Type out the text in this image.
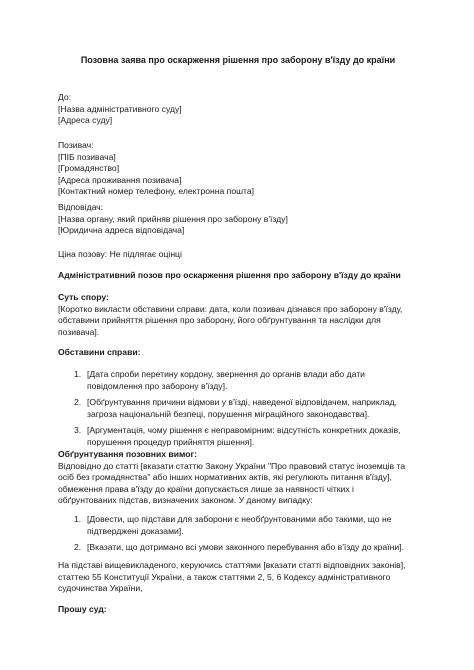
Позовна заява про оскарження рішення про заборону в'їзду до країни
До:
[Назва адміністративного суду]
[Адреса суду]
Позивач:
[ПІБ позивача]
[Громадянство]
[Адреса проживання позивача]
[Контактний номер телефону, електронна пошта]
Відповідач:
[Назва органу, який прийняв рішення про заборону в'їзду]
[Юридична адреса відповідача]
Ціна позову: Не підлягає оцінці
Адміністративний позов про оскарження рішення про заборону в'їзду до країни
Суть спору:
[Коротко викласти обставини справи: дата, коли позивач дізнався про заборону в'їзду,
обставини прийняття рішення про заборону, його обґрунтування та наслідки для
позивача].
Обставини справи:
1. [Дата спроби перетину кордону, звернення до органів влади або дати
повідомлення про заборону в'їзду].
2. [Обґрунтування причини відмови у в'їзді, наведеної відповідачем, наприклад,
загроза національній безпеці, порушення міграційного законодавства].
3. [Аргументація, чому рішення є неправомірним: відсутність конкретних доказів,
порушення процедур прийняття рішення].
Обґрунтування позовних вимог:
Відповідно до статті [вказати статтю Закону України "Про правовий статус іноземців та
осіб без громадянства" або інших нормативних актів, які регулюють питання в'їзду],
обмеження права в'їзду до країни допускається лише за наявності чітких і
обґрунтованих підстав, визначених законом. У даному випадку:
1. [Довести, що підстави для заборони є необґрунтованими або такими, що не
підтверджені доказами].
2. [Вказати, що дотримано всі умови законного перебування або в'їзду до країни].
На підставі вищевикладеного, керуючись статтями [вказати статті відповідних законів],
статтею 55 Конституції України, а також статтями 2, 5, 6 Кодексу адміністративного
судочинства України,
Прошу суд:
